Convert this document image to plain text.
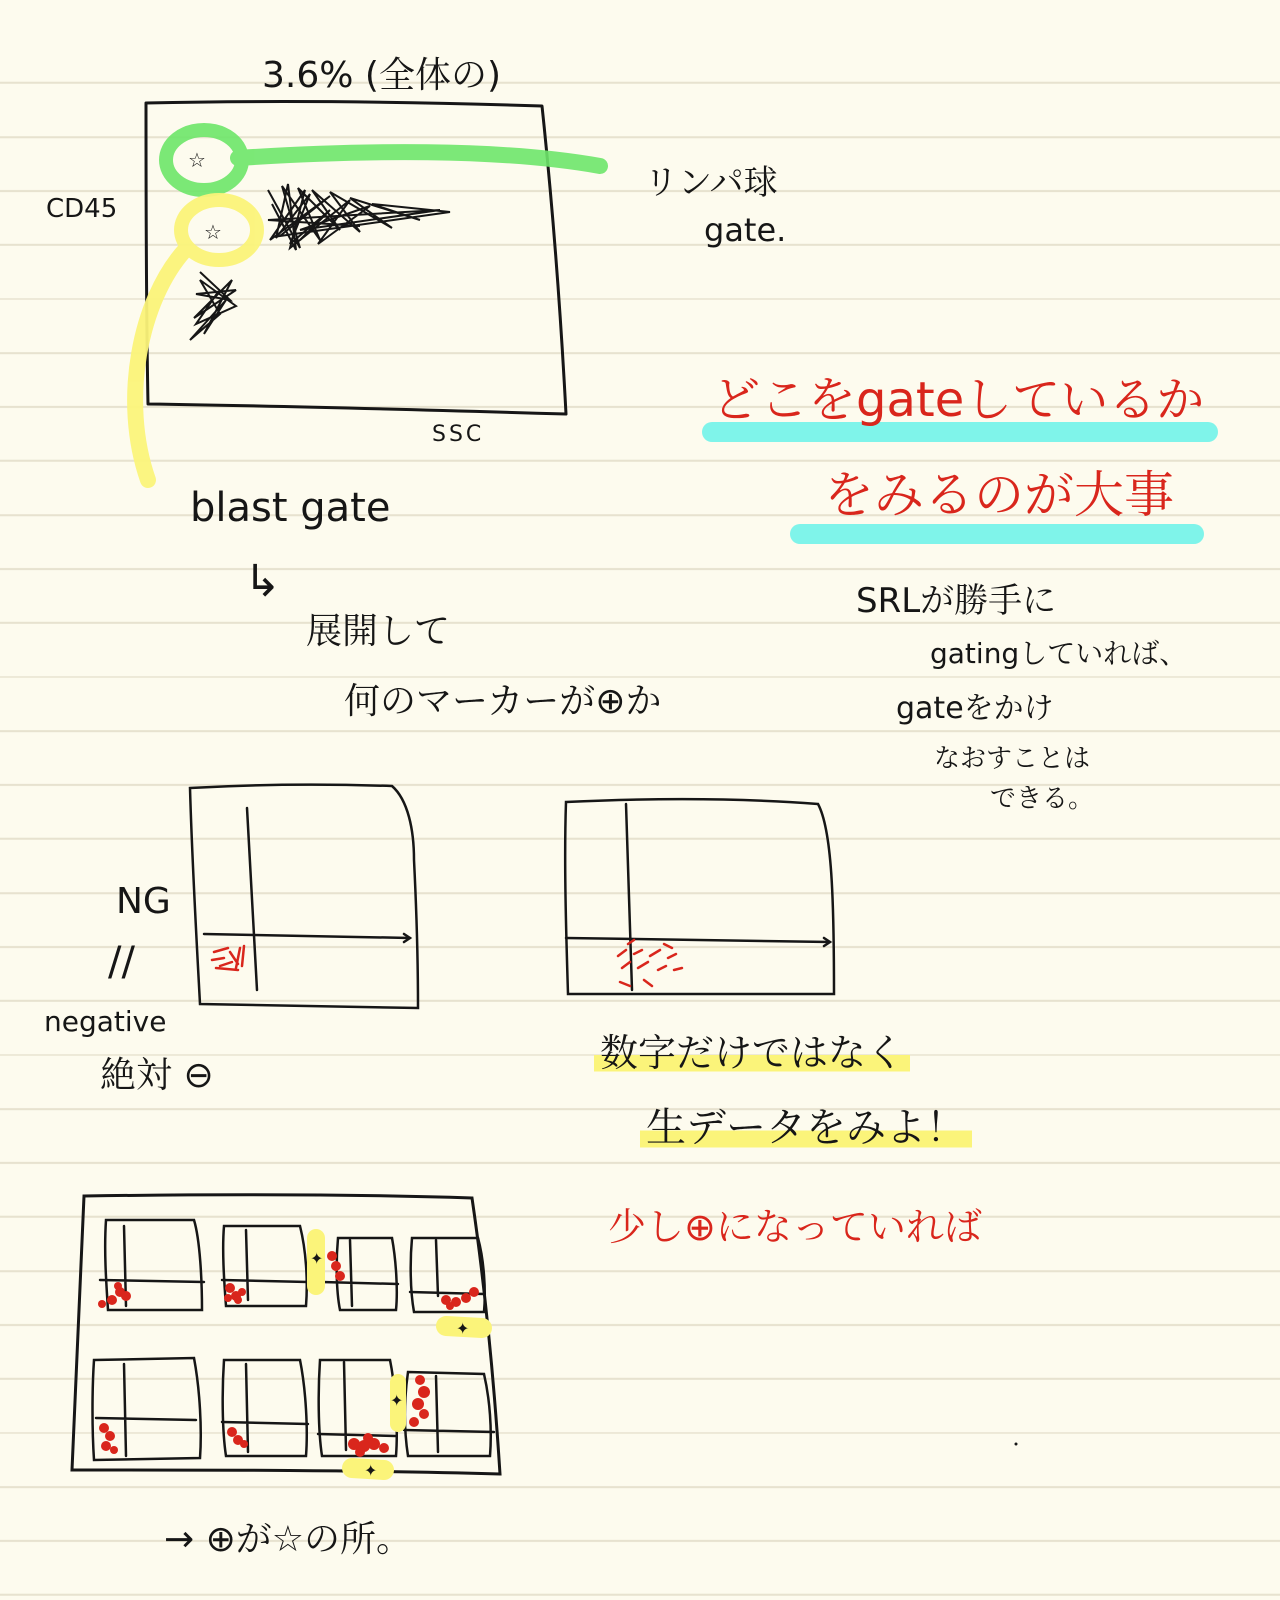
✦
✦
✦
✦
3.6% (全体の)
CD45
SSC
☆
☆
リンパ球
gate.
blast gate
↳
展開して
何のマーカーが⊕か
どこをgateしているか
をみるのが大事
SRLが勝手に
gatingしていれば、
gateをかけ
なおすことは
できる。
NG
//
negative
絶対 ⊖
数字だけではなく
生データをみよ！
少し⊕になっていれば
→ ⊕が☆の所。
